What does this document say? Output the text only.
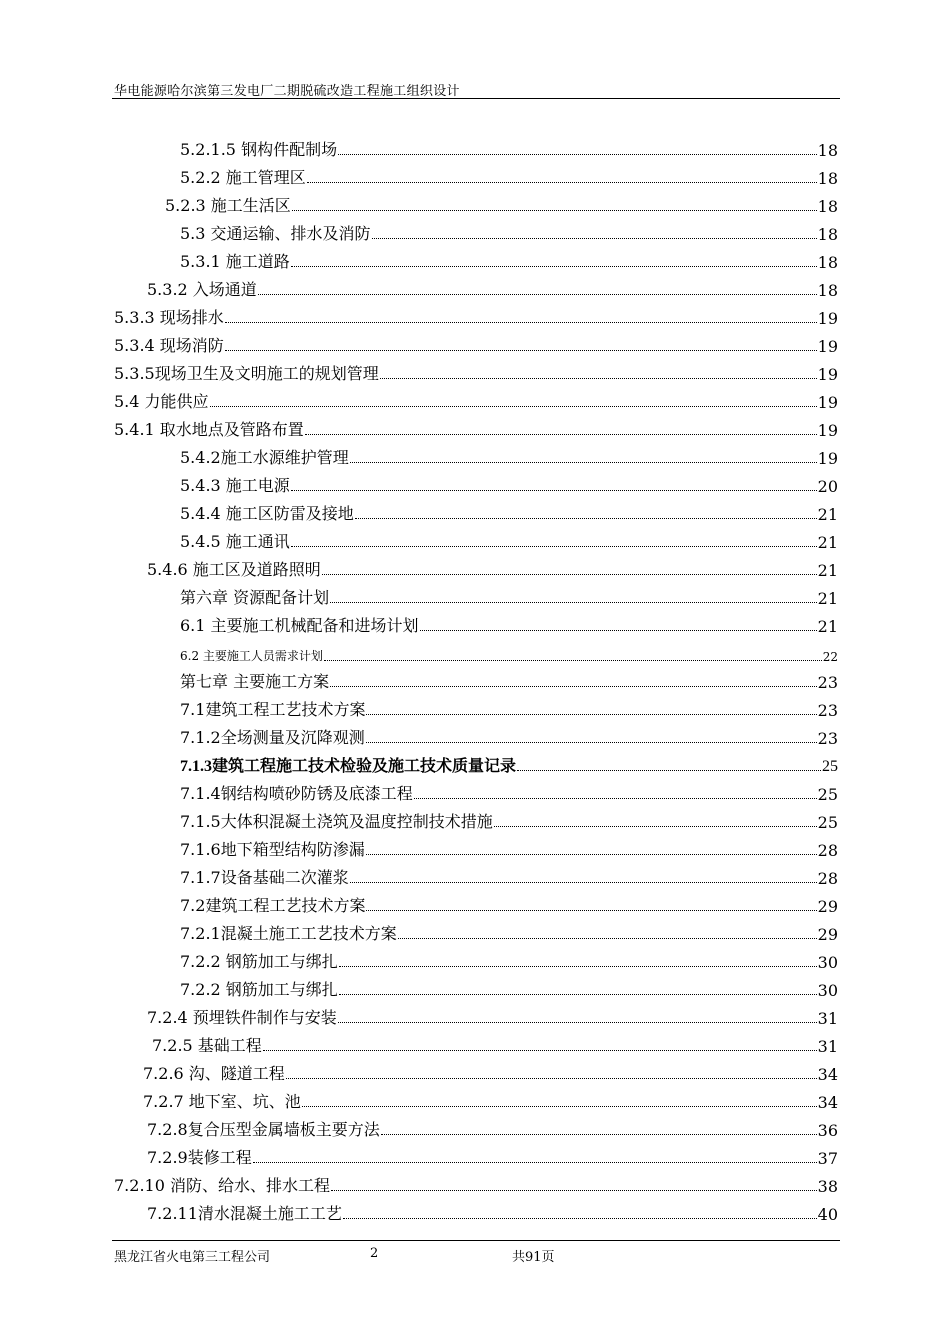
华电能源哈尔滨第三发电厂二期脱硫改造工程施工组织设计
5.2.1.5 钢构件配制场	18
5.2.2 施工管理区	18
5.2.3 施工生活区	18
5.3 交通运输、排水及消防	18
5.3.1 施工道路	18
5.3.2 入场通道	18
5.3.3 现场排水	19
5.3.4 现场消防	19
5.3.5现场卫生及文明施工的规划管理	19
5.4 力能供应	19
5.4.1 取水地点及管路布置	19
5.4.2施工水源维护管理	19
5.4.3 施工电源	20
5.4.4 施工区防雷及接地	21
5.4.5 施工通讯	21
5.4.6 施工区及道路照明	21
第六章 资源配备计划	21
6.1 主要施工机械配备和进场计划	21
6.2 主要施工人员需求计划	22
第七章 主要施工方案	23
7.1建筑工程工艺技术方案	23
7.1.2全场测量及沉降观测	23
7.1.3建筑工程施工技术检验及施工技术质量记录	25
7.1.4钢结构喷砂防锈及底漆工程	25
7.1.5大体积混凝土浇筑及温度控制技术措施	25
7.1.6地下箱型结构防渗漏	28
7.1.7设备基础二次灌浆	28
7.2建筑工程工艺技术方案	29
7.2.1混凝土施工工艺技术方案	29
7.2.2 钢筋加工与绑扎	30
7.2.2 钢筋加工与绑扎	30
7.2.4 预埋铁件制作与安装	31
7.2.5 基础工程	31
7.2.6 沟、隧道工程	34
7.2.7 地下室、坑、池	34
7.2.8复合压型金属墙板主要方法	36
7.2.9装修工程	37
7.2.10 消防、给水、排水工程	38
7.2.11清水混凝土施工工艺	40
黑龙江省火电第三工程公司	2	共91页
